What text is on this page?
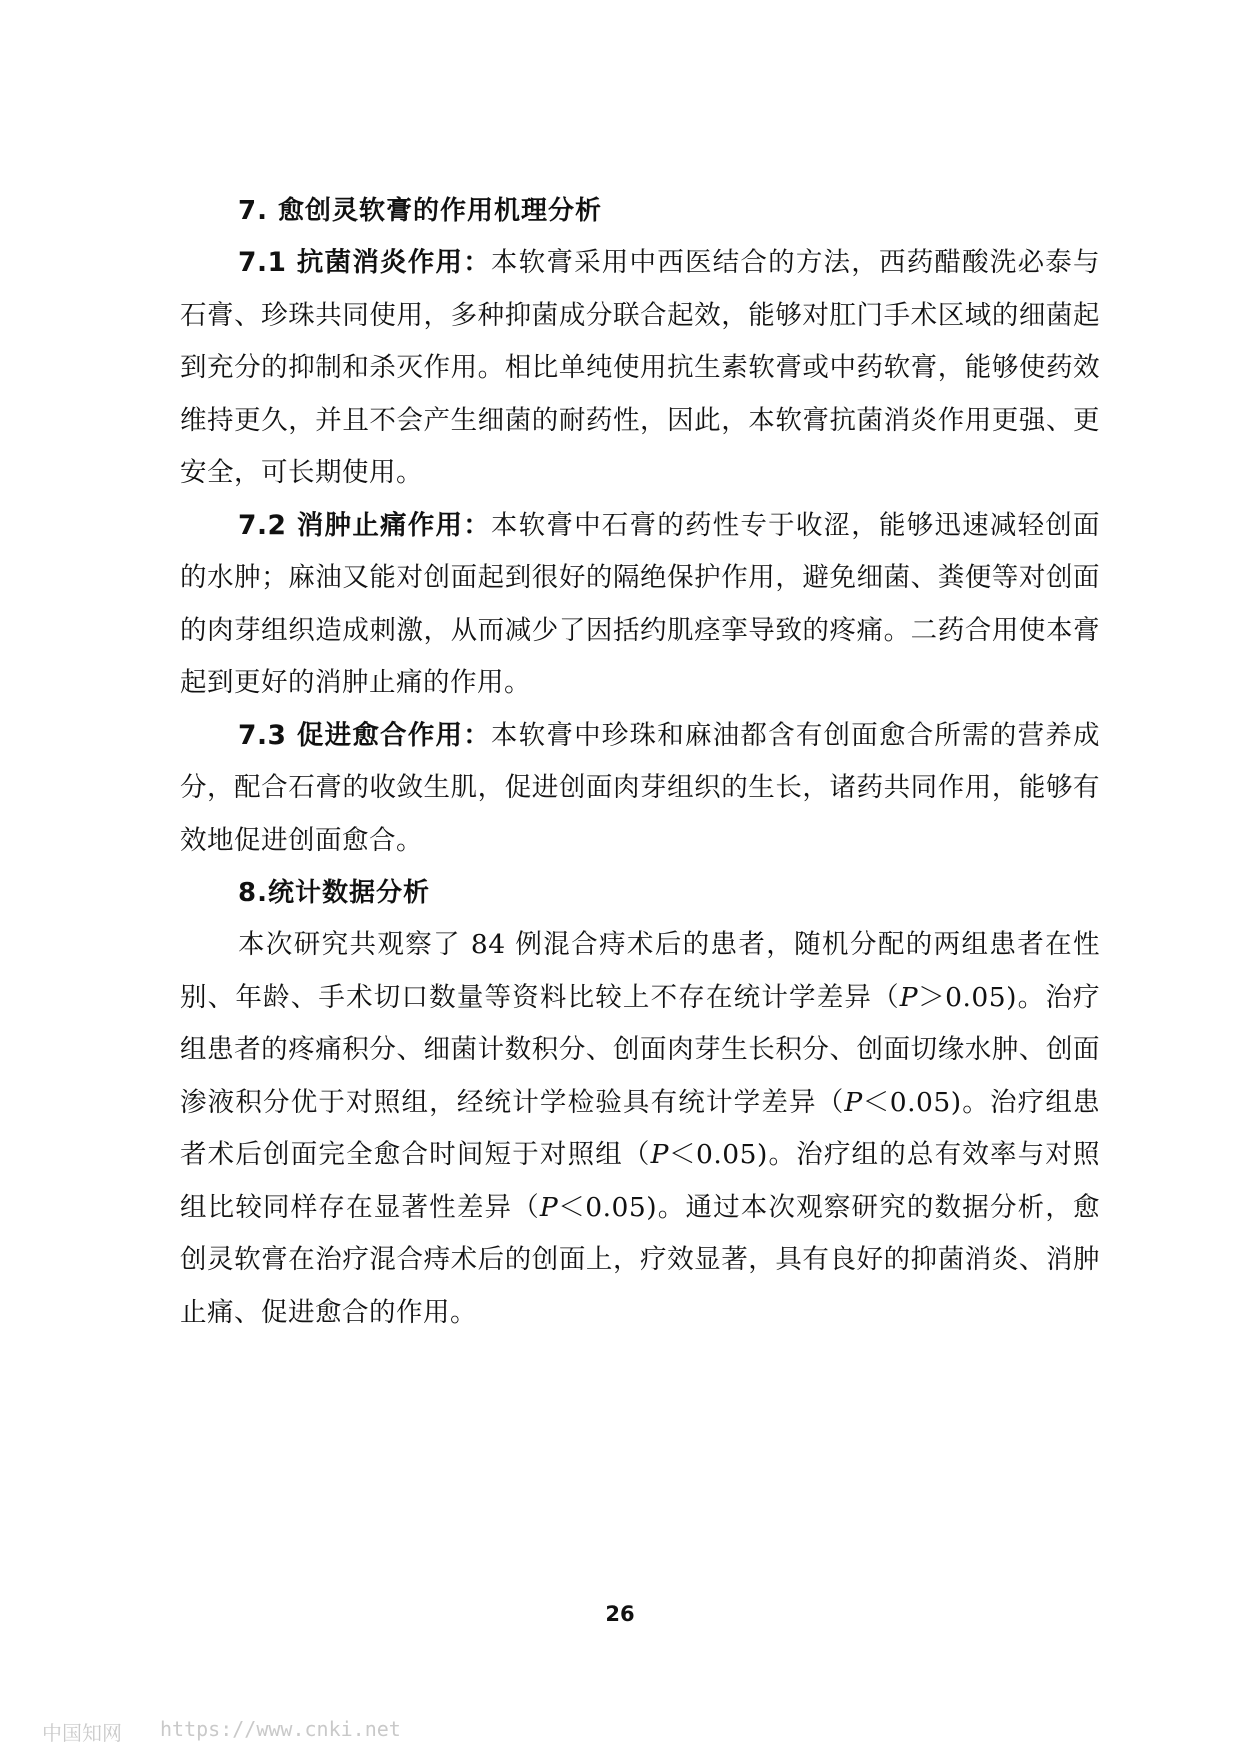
7. 愈创灵软膏的作用机理分析

7.1 抗菌消炎作用：本软膏采用中西医结合的方法，西药醋酸洗必泰与石膏、珍珠共同使用，多种抑菌成分联合起效，能够对肛门手术区域的细菌起到充分的抑制和杀灭作用。相比单纯使用抗生素软膏或中药软膏，能够使药效维持更久，并且不会产生细菌的耐药性，因此，本软膏抗菌消炎作用更强、更安全，可长期使用。

7.2 消肿止痛作用：本软膏中石膏的药性专于收涩，能够迅速减轻创面的水肿；麻油又能对创面起到很好的隔绝保护作用，避免细菌、粪便等对创面的肉芽组织造成刺激，从而减少了因括约肌痉挛导致的疼痛。二药合用使本膏起到更好的消肿止痛的作用。

7.3 促进愈合作用：本软膏中珍珠和麻油都含有创面愈合所需的营养成分，配合石膏的收敛生肌，促进创面肉芽组织的生长，诸药共同作用，能够有效地促进创面愈合。

8.统计数据分析

本次研究共观察了 84 例混合痔术后的患者，随机分配的两组患者在性别、年龄、手术切口数量等资料比较上不存在统计学差异（P＞0.05)。治疗组患者的疼痛积分、细菌计数积分、创面肉芽生长积分、创面切缘水肿、创面渗液积分优于对照组，经统计学检验具有统计学差异（P＜0.05)。治疗组患者术后创面完全愈合时间短于对照组（P＜0.05)。治疗组的总有效率与对照组比较同样存在显著性差异（P＜0.05)。通过本次观察研究的数据分析，愈创灵软膏在治疗混合痔术后的创面上，疗效显著，具有良好的抑菌消炎、消肿止痛、促进愈合的作用。

26
中国知网 https://www.cnki.net
